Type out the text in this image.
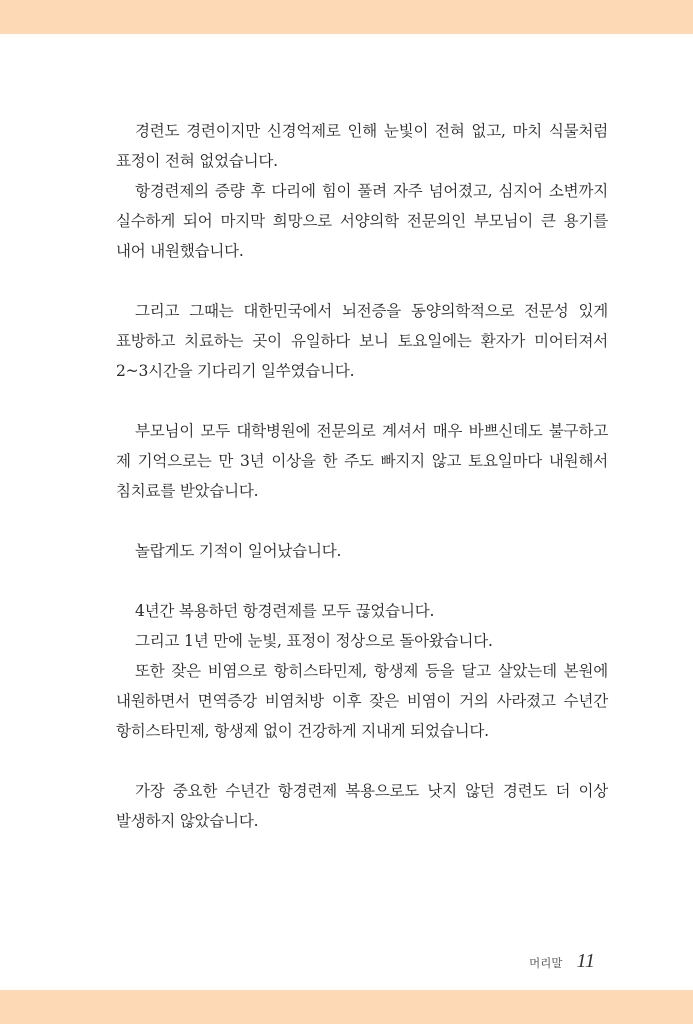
경련도 경련이지만 신경억제로 인해 눈빛이 전혀 없고, 마치 식물처럼 표정이 전혀 없었습니다.

항경련제의 증량 후 다리에 힘이 풀려 자주 넘어졌고, 심지어 소변까지 실수하게 되어 마지막 희망으로 서양의학 전문의인 부모님이 큰 용기를 내어 내원했습니다.

그리고 그때는 대한민국에서 뇌전증을 동양의학적으로 전문성 있게 표방하고 치료하는 곳이 유일하다 보니 토요일에는 환자가 미어터져서 2~3시간을 기다리기 일쑤였습니다.

부모님이 모두 대학병원에 전문의로 계셔서 매우 바쁘신데도 불구하고 제 기억으로는 만 3년 이상을 한 주도 빠지지 않고 토요일마다 내원해서 침치료를 받았습니다.

놀랍게도 기적이 일어났습니다.

4년간 복용하던 항경련제를 모두 끊었습니다.

그리고 1년 만에 눈빛, 표정이 정상으로 돌아왔습니다.

또한 잦은 비염으로 항히스타민제, 항생제 등을 달고 살았는데 본원에 내원하면서 면역증강 비염처방 이후 잦은 비염이 거의 사라졌고 수년간 항히스타민제, 항생제 없이 건강하게 지내게 되었습니다.

가장 중요한 수년간 항경련제 복용으로도 낫지 않던 경련도 더 이상 발생하지 않았습니다.

머리말 11
